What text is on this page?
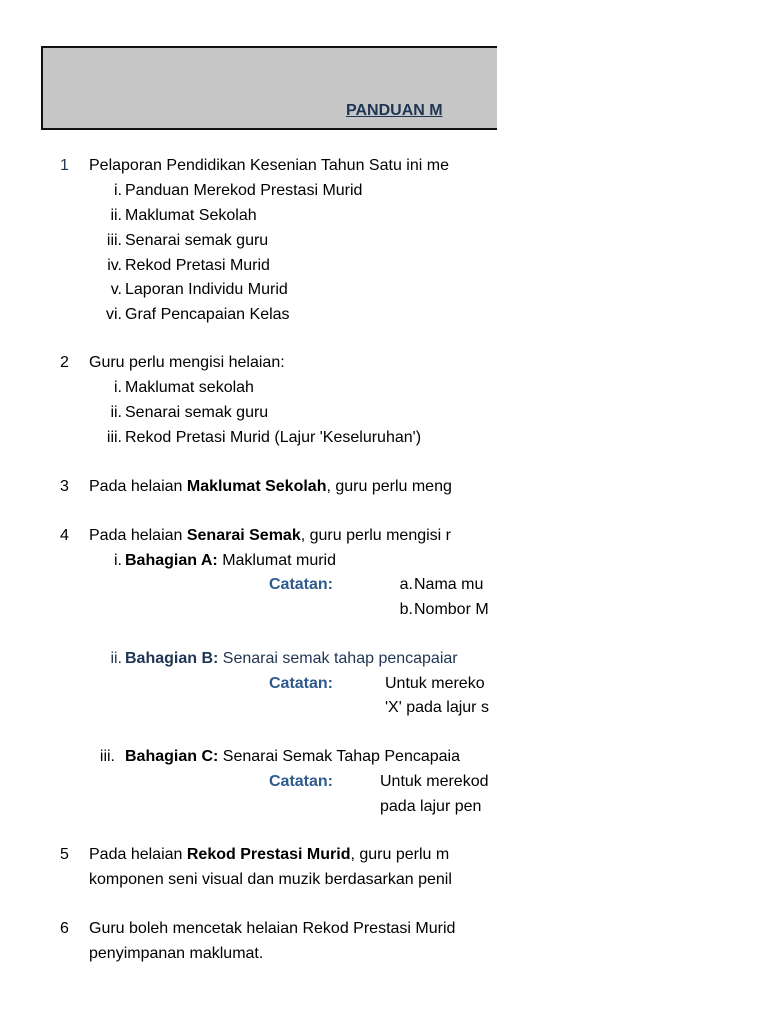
PANDUAN M
1	Pelaporan Pendidikan Kesenian Tahun Satu ini me
i. Panduan Merekod Prestasi Murid
ii. Maklumat Sekolah
iii. Senarai semak guru
iv. Rekod Pretasi Murid
v. Laporan Individu Murid
vi. Graf Pencapaian Kelas
2	Guru perlu mengisi helaian:
i. Maklumat sekolah
ii. Senarai semak guru
iii. Rekod Pretasi Murid (Lajur 'Keseluruhan')
3	Pada helaian Maklumat Sekolah, guru perlu meng
4	Pada helaian Senarai Semak, guru perlu mengisi r
i. Bahagian A: Maklumat murid
Catatan:	a. Nama mu
b. Nombor M
ii. Bahagian B: Senarai semak tahap pencapaiar
Catatan:	Untuk mereko
'X' pada lajur s
iii. Bahagian C: Senarai Semak Tahap Pencapaia
Catatan:	Untuk merekod
pada lajur pen
5	Pada helaian Rekod Prestasi Murid, guru perlu m
komponen seni visual dan muzik berdasarkan penil
6	Guru boleh mencetak helaian Rekod Prestasi Murid
penyimpanan maklumat.
